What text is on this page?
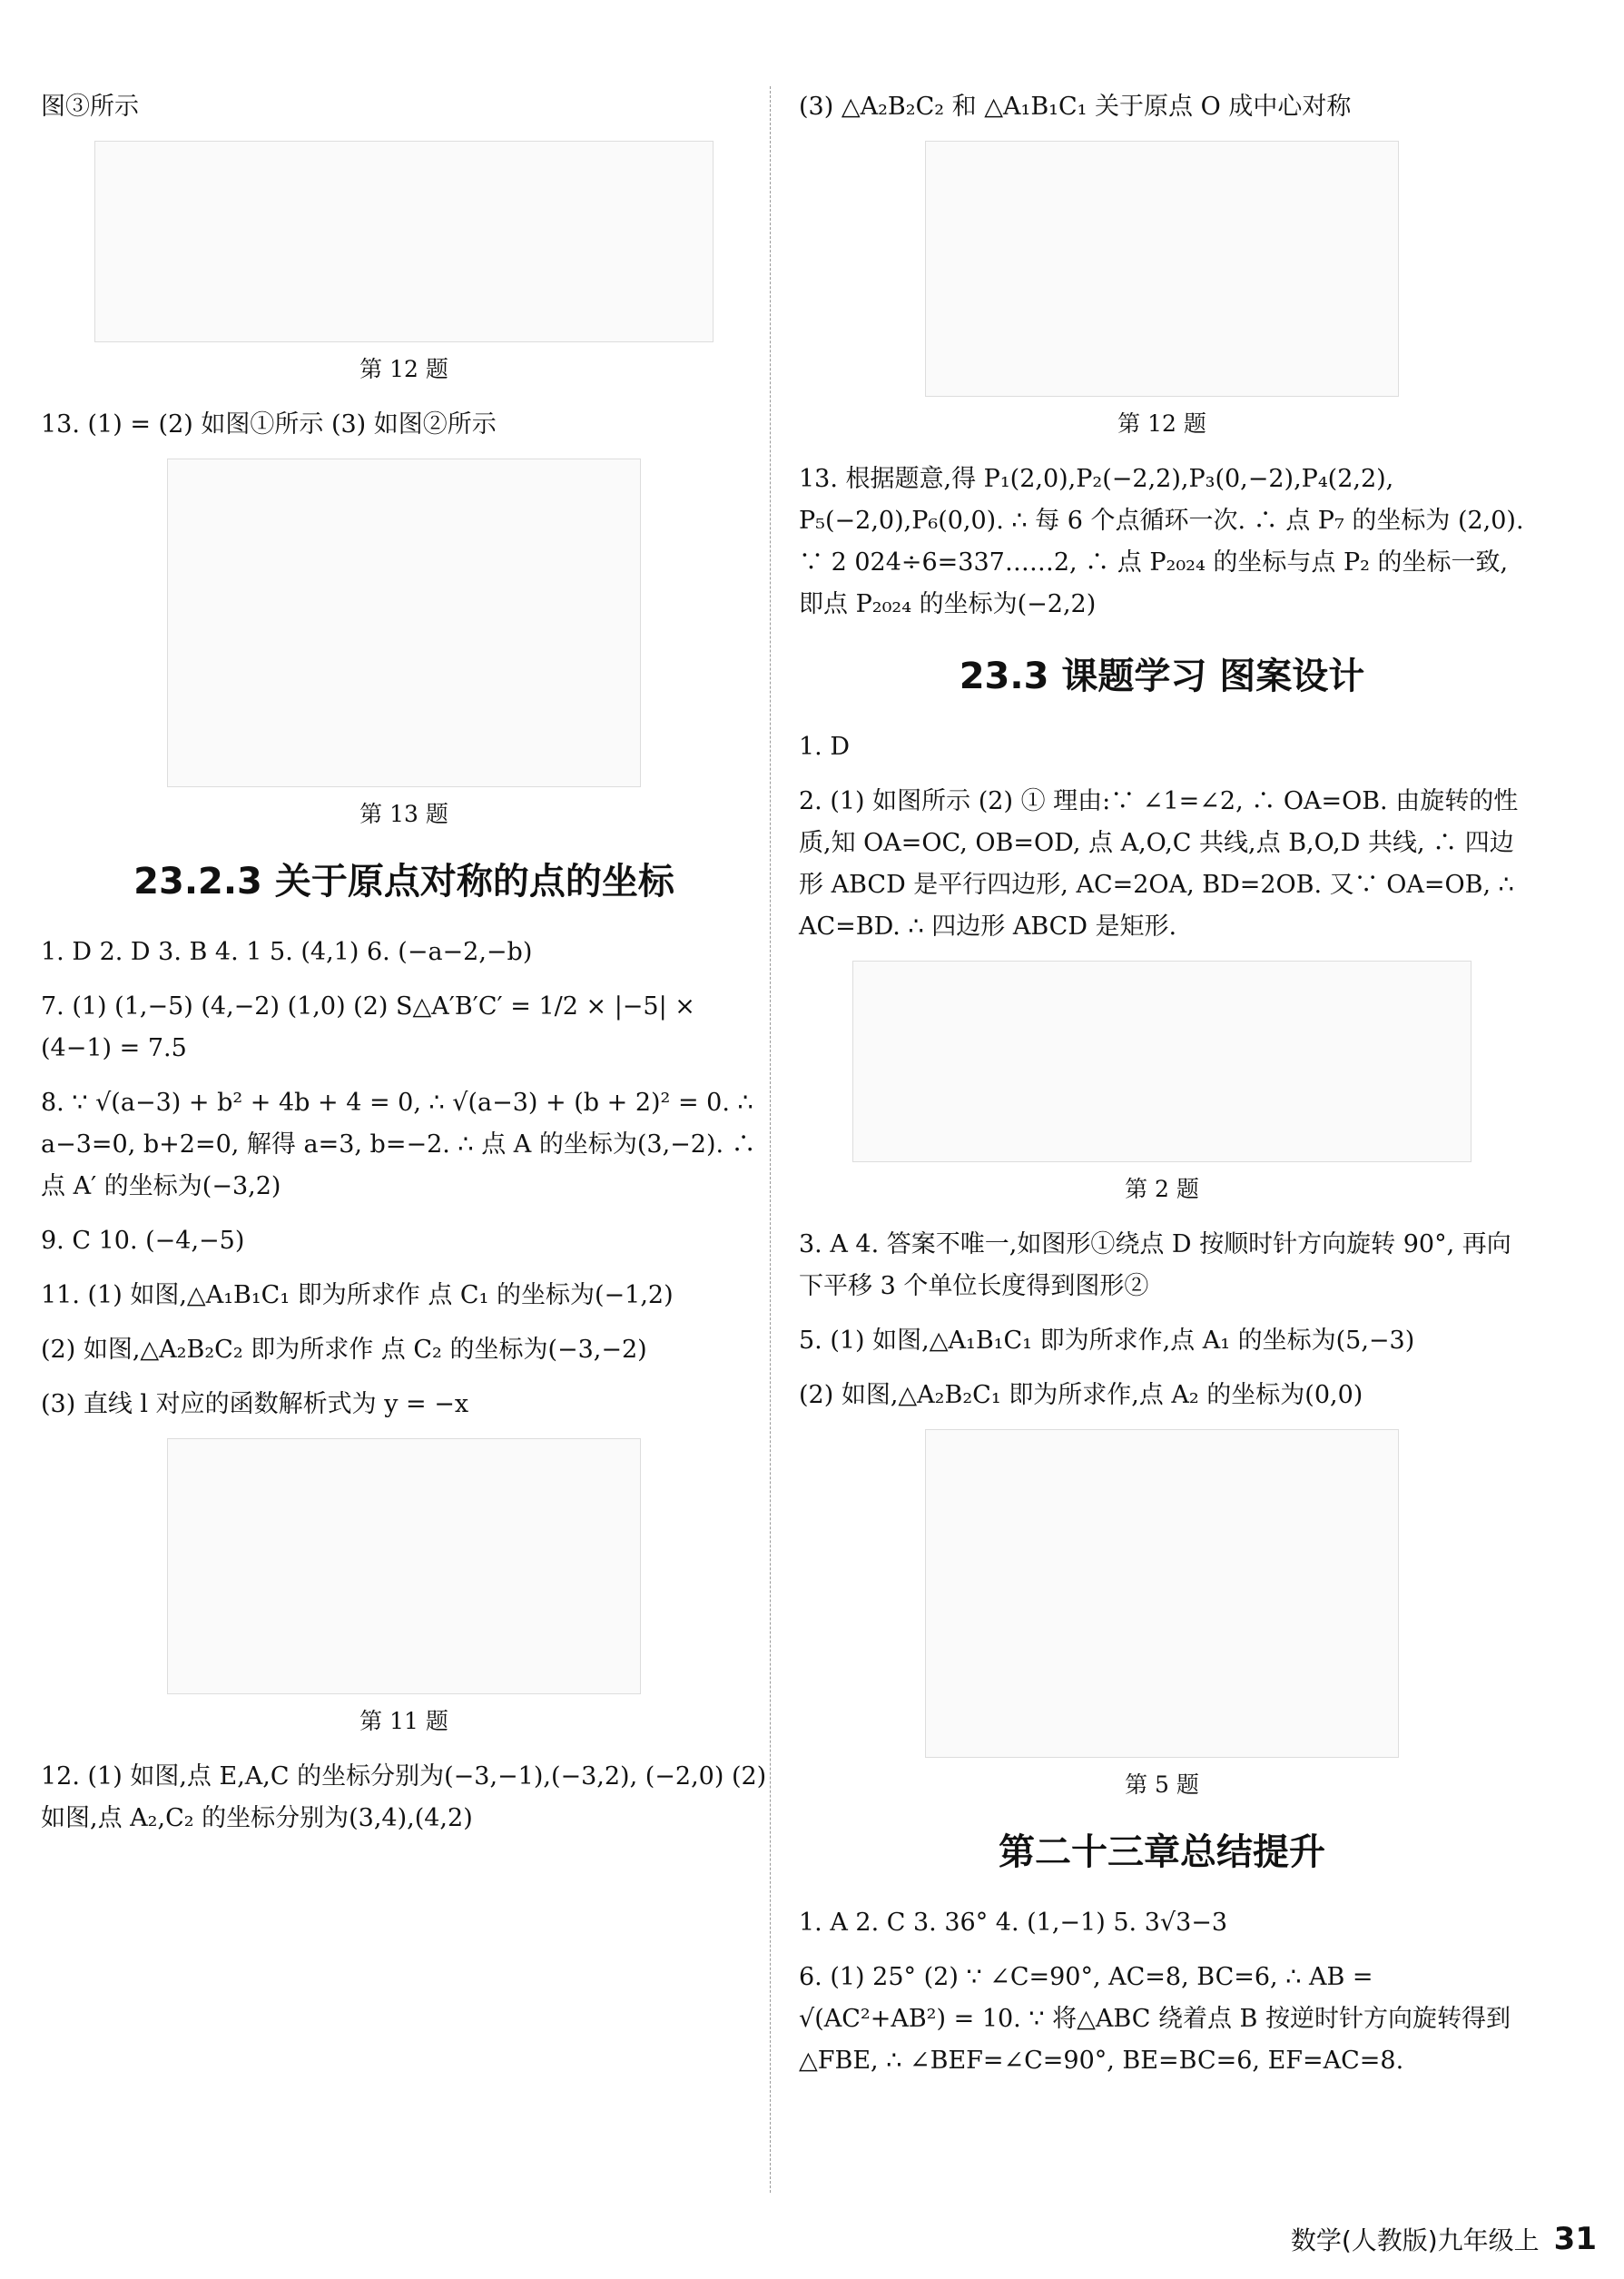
图③所示

第 12 题

13. (1) = (2) 如图①所示 (3) 如图②所示

第 13 题
23.2.3 关于原点对称的点的坐标

1. D 2. D 3. B 4. 1 5. (4,1) 6. (−a−2,−b)

7. (1) (1,−5) (4,−2) (1,0) (2) S△A′B′C′ = 1/2 × |−5| × (4−1) = 7.5

8. ∵ √(a−3) + b² + 4b + 4 = 0, ∴ √(a−3) + (b + 2)² = 0. ∴ a−3=0, b+2=0, 解得 a=3, b=−2. ∴ 点 A 的坐标为(3,−2). ∴ 点 A′ 的坐标为(−3,2)

9. C 10. (−4,−5)

11. (1) 如图,△A₁B₁C₁ 即为所求作 点 C₁ 的坐标为(−1,2)

(2) 如图,△A₂B₂C₂ 即为所求作 点 C₂ 的坐标为(−3,−2)

(3) 直线 l 对应的函数解析式为 y = −x

第 11 题

12. (1) 如图,点 E,A,C 的坐标分别为(−3,−1),(−3,2), (−2,0) (2) 如图,点 A₂,C₂ 的坐标分别为(3,4),(4,2)

(3) △A₂B₂C₂ 和 △A₁B₁C₁ 关于原点 O 成中心对称

第 12 题

13. 根据题意,得 P₁(2,0),P₂(−2,2),P₃(0,−2),P₄(2,2), P₅(−2,0),P₆(0,0). ∴ 每 6 个点循环一次. ∴ 点 P₇ 的坐标为 (2,0). ∵ 2 024÷6=337……2, ∴ 点 P₂₀₂₄ 的坐标与点 P₂ 的坐标一致,即点 P₂₀₂₄ 的坐标为(−2,2)

23.3 课题学习 图案设计

1. D

2. (1) 如图所示 (2) ① 理由:∵ ∠1=∠2, ∴ OA=OB. 由旋转的性质,知 OA=OC, OB=OD, 点 A,O,C 共线,点 B,O,D 共线, ∴ 四边形 ABCD 是平行四边形, AC=2OA, BD=2OB. 又∵ OA=OB, ∴ AC=BD. ∴ 四边形 ABCD 是矩形.

第 2 题

3. A 4. 答案不唯一,如图形①绕点 D 按顺时针方向旋转 90°, 再向下平移 3 个单位长度得到图形②

5. (1) 如图,△A₁B₁C₁ 即为所求作,点 A₁ 的坐标为(5,−3)

(2) 如图,△A₂B₂C₁ 即为所求作,点 A₂ 的坐标为(0,0)

第 5 题
第二十三章总结提升

1. A 2. C 3. 36° 4. (1,−1) 5. 3√3−3

6. (1) 25° (2) ∵ ∠C=90°, AC=8, BC=6, ∴ AB = √(AC²+AB²) = 10. ∵ 将△ABC 绕着点 B 按逆时针方向旋转得到△FBE, ∴ ∠BEF=∠C=90°, BE=BC=6, EF=AC=8.

数学(人教版)九年级上 31
